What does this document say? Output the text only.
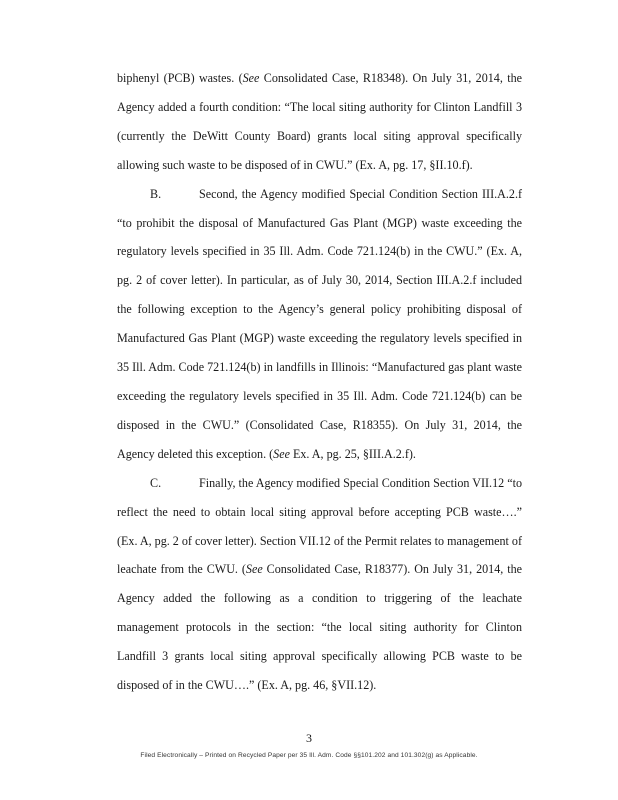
biphenyl (PCB) wastes. (See Consolidated Case, R18348). On July 31, 2014, the Agency added a fourth condition: “The local siting authority for Clinton Landfill 3 (currently the DeWitt County Board) grants local siting approval specifically allowing such waste to be disposed of in CWU.” (Ex. A, pg. 17, §II.10.f).

B.	Second, the Agency modified Special Condition Section III.A.2.f “to prohibit the disposal of Manufactured Gas Plant (MGP) waste exceeding the regulatory levels specified in 35 Ill. Adm. Code 721.124(b) in the CWU.” (Ex. A, pg. 2 of cover letter). In particular, as of July 30, 2014, Section III.A.2.f included the following exception to the Agency’s general policy prohibiting disposal of Manufactured Gas Plant (MGP) waste exceeding the regulatory levels specified in 35 Ill. Adm. Code 721.124(b) in landfills in Illinois: “Manufactured gas plant waste exceeding the regulatory levels specified in 35 Ill. Adm. Code 721.124(b) can be disposed in the CWU.” (Consolidated Case, R18355). On July 31, 2014, the Agency deleted this exception. (See Ex. A, pg. 25, §III.A.2.f).

C.	Finally, the Agency modified Special Condition Section VII.12 “to reflect the need to obtain local siting approval before accepting PCB waste….” (Ex. A, pg. 2 of cover letter). Section VII.12 of the Permit relates to management of leachate from the CWU. (See Consolidated Case, R18377). On July 31, 2014, the Agency added the following as a condition to triggering of the leachate management protocols in the section: “the local siting authority for Clinton Landfill 3 grants local siting approval specifically allowing PCB waste to be disposed of in the CWU….” (Ex. A, pg. 46, §VII.12).

3
Filed Electronically – Printed on Recycled Paper per 35 Ill. Adm. Code §§101.202 and 101.302(g) as Applicable.
